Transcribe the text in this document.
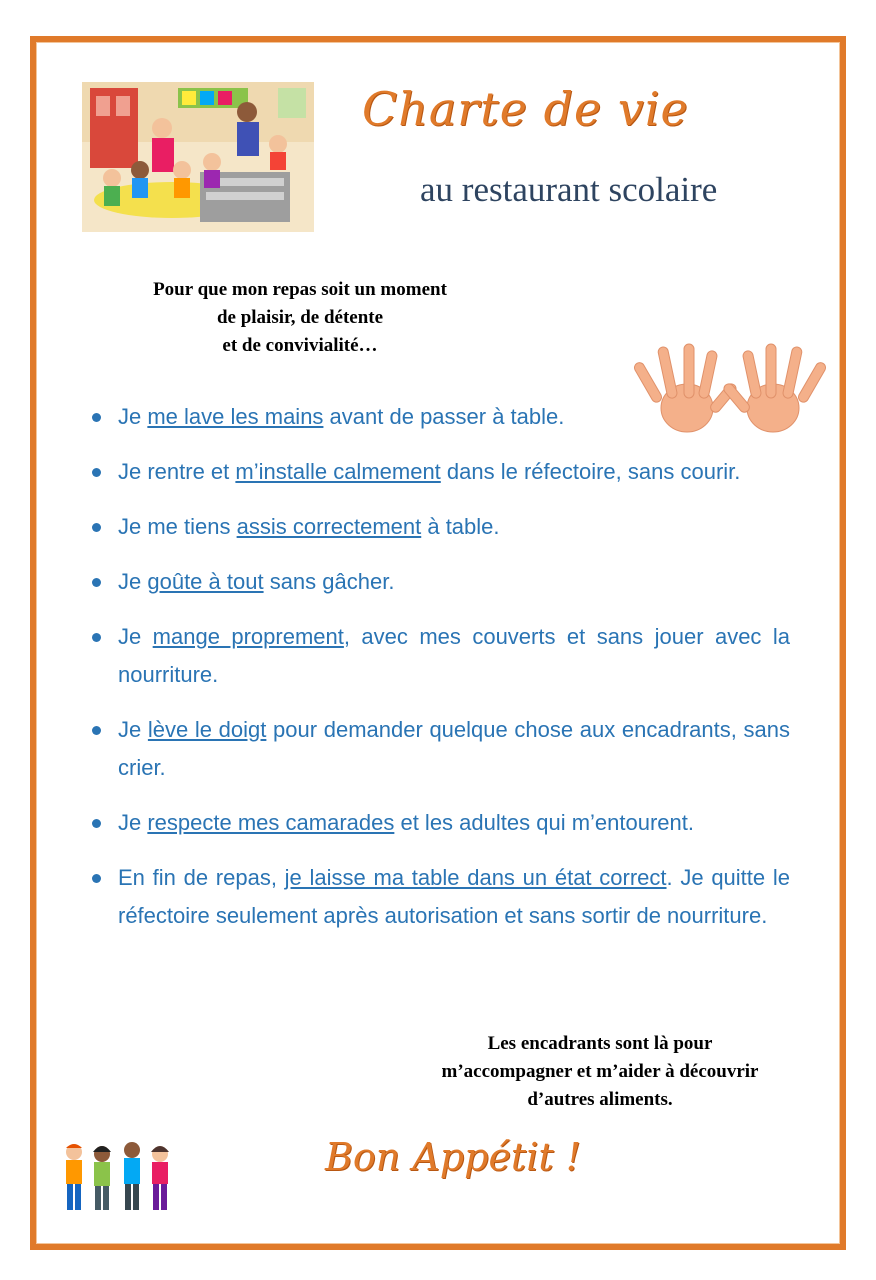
Charte de vie
au restaurant scolaire
Pour que mon repas soit un moment
de plaisir, de détente
et de convivialité…
Je me lave les mains avant de passer à table.
Je rentre et m’installe calmement dans le réfectoire, sans courir.
Je me tiens assis correctement à table.
Je goûte à tout sans gâcher.
Je mange proprement, avec mes couverts et sans jouer avec la nourriture.
Je lève le doigt pour demander quelque chose aux encadrants, sans crier.
Je respecte mes camarades et les adultes qui m’entourent.
En fin de repas, je laisse ma table dans un état correct. Je quitte le réfectoire seulement après autorisation et sans sortir de nourriture.
Les encadrants sont là pour
m’accompagner et m’aider à découvrir
d’autres aliments.
Bon Appétit !
